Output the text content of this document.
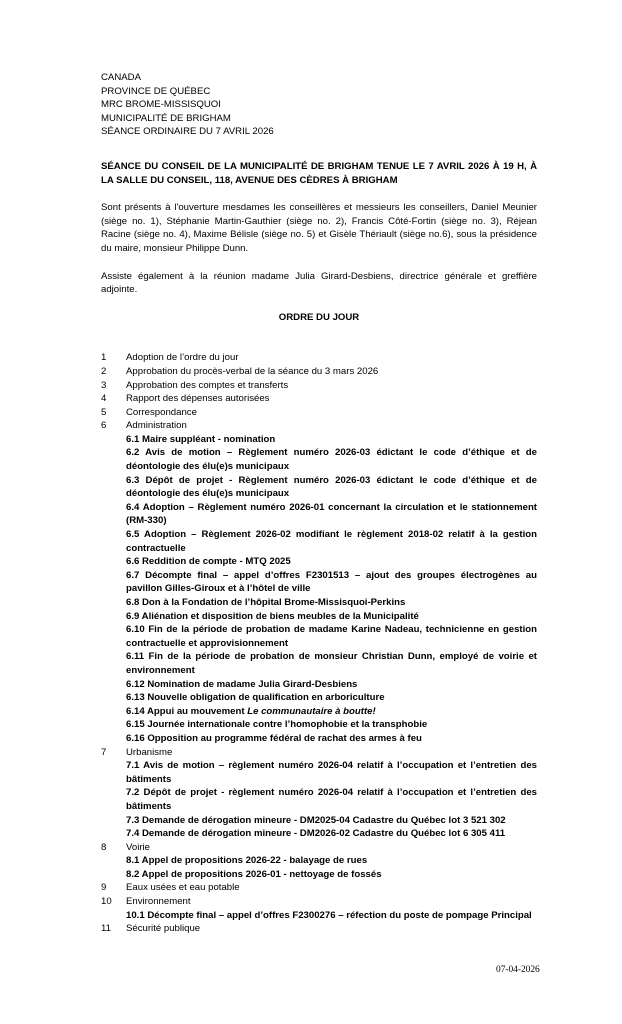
CANADA
PROVINCE DE QUÉBEC
MRC BROME-MISSISQUOI
MUNICIPALITÉ DE BRIGHAM
SÉANCE ORDINAIRE DU 7 AVRIL 2026
SÉANCE DU CONSEIL DE LA MUNICIPALITÉ DE BRIGHAM TENUE LE 7 AVRIL 2026 À 19 H, À LA SALLE DU CONSEIL, 118, AVENUE DES CÈDRES À BRIGHAM
Sont présents à l'ouverture mesdames les conseillères et messieurs les conseillers, Daniel Meunier (siège no. 1), Stéphanie Martin-Gauthier (siège no. 2), Francis Côté-Fortin (siège no. 3), Réjean Racine (siège no. 4), Maxime Bélisle (siège no. 5) et Gisèle Thériault (siège no.6), sous la présidence du maire, monsieur Philippe Dunn.
Assiste également à la réunion madame Julia Girard-Desbiens, directrice générale et greffière adjointe.
ORDRE DU JOUR
1	Adoption de l’ordre du jour
2	Approbation du procès-verbal de la séance du 3 mars 2026
3	Approbation des comptes et transferts
4	Rapport des dépenses autorisées
5	Correspondance
6	Administration
6.1 Maire suppléant - nomination
6.2 Avis de motion – Règlement numéro 2026-03 édictant le code d’éthique et de déontologie des élu(e)s municipaux
6.3 Dépôt de projet - Règlement numéro 2026-03 édictant le code d’éthique et de déontologie des élu(e)s municipaux
6.4 Adoption – Règlement numéro 2026-01 concernant la circulation et le stationnement (RM-330)
6.5 Adoption – Règlement 2026-02 modifiant le règlement 2018-02 relatif à la gestion contractuelle
6.6 Reddition de compte - MTQ 2025
6.7 Décompte final – appel d’offres F2301513 – ajout des groupes électrogènes au pavillon Gilles-Giroux et à l’hôtel de ville
6.8 Don à la Fondation de l’hôpital Brome-Missisquoi-Perkins
6.9 Aliénation et disposition de biens meubles de la Municipalité
6.10 Fin de la période de probation de madame Karine Nadeau, technicienne en gestion contractuelle et approvisionnement
6.11 Fin de la période de probation de monsieur Christian Dunn, employé de voirie et environnement
6.12 Nomination de madame Julia Girard-Desbiens
6.13 Nouvelle obligation de qualification en arboriculture
6.14 Appui au mouvement Le communautaire à boutte!
6.15 Journée internationale contre l’homophobie et la transphobie
6.16 Opposition au programme fédéral de rachat des armes à feu
7	Urbanisme
7.1 Avis de motion – règlement numéro 2026-04 relatif à l’occupation et l’entretien des bâtiments
7.2 Dépôt de projet - règlement numéro 2026-04 relatif à l’occupation et l’entretien des bâtiments
7.3 Demande de dérogation mineure - DM2025-04 Cadastre du Québec lot 3 521 302
7.4 Demande de dérogation mineure - DM2026-02 Cadastre du Québec lot 6 305 411
8	Voirie
8.1 Appel de propositions 2026-22 - balayage de rues
8.2 Appel de propositions 2026-01 - nettoyage de fossés
9	Eaux usées et eau potable
10	Environnement
10.1 Décompte final – appel d’offres F2300276 – réfection du poste de pompage Principal
11	Sécurité publique
07-04-2026
